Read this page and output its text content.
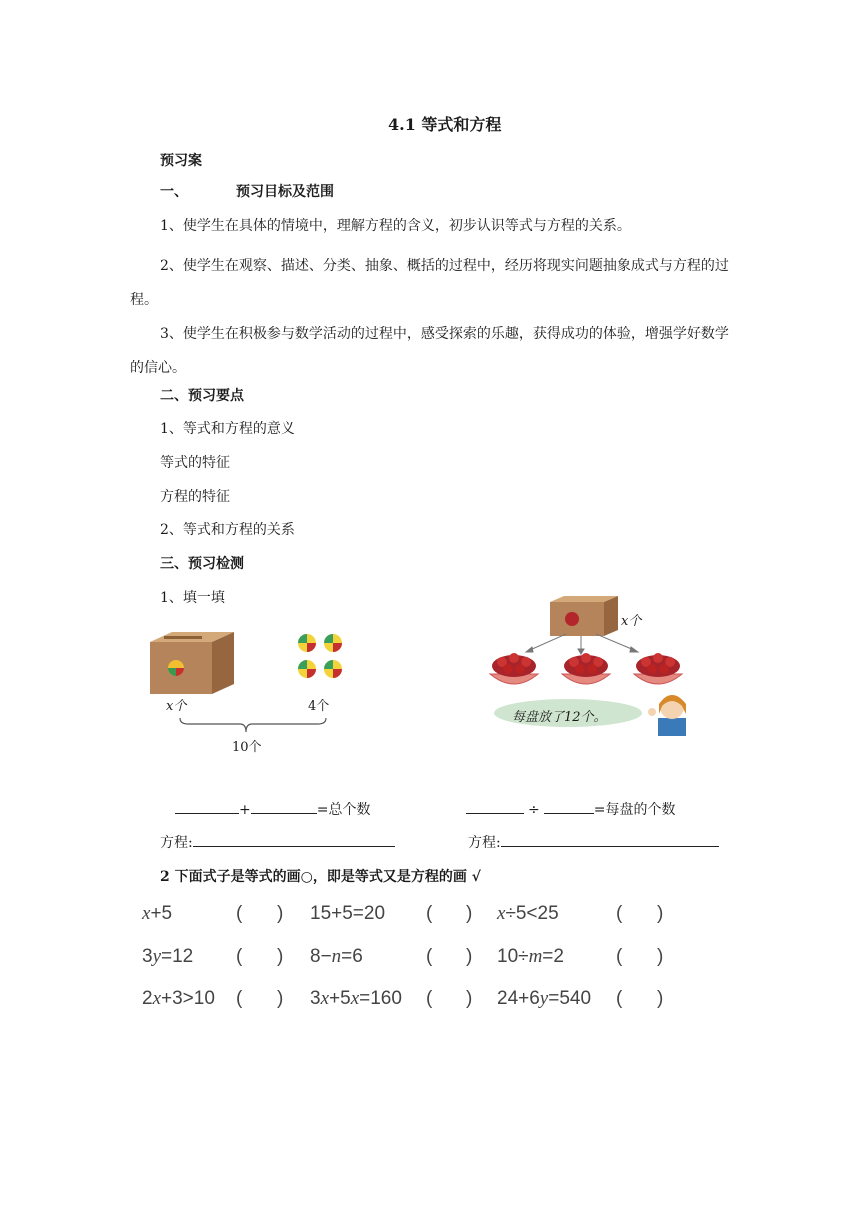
4.1 等式和方程
预习案
一、	预习目标及范围
1、使学生在具体的情境中，理解方程的含义，初步认识等式与方程的关系。
2、使学生在观察、描述、分类、抽象、概括的过程中，经历将现实问题抽象成式与方程的过程。
3、使学生在积极参与数学活动的过程中，感受探索的乐趣，获得成功的体验，增强学好数学的信心。
二、预习要点
1、等式和方程的意义
等式的特征
方程的特征
2、等式和方程的关系
三、预习检测
1、填一填
x个	4个
10个
x个
每盘放了12个。
+	=总个数	÷	=每盘的个数
方程:	方程:
2 下面式子是等式的画○，即是等式又是方程的画 √
x+5	( ) 15+5=20 ( ) x÷5<25	( )
3y=12 ( ) 8−n=6	( ) 10÷m=2	( )
2x+3>10 ( ) 3x+5x=160 ( ) 24+6y=540 ( )
